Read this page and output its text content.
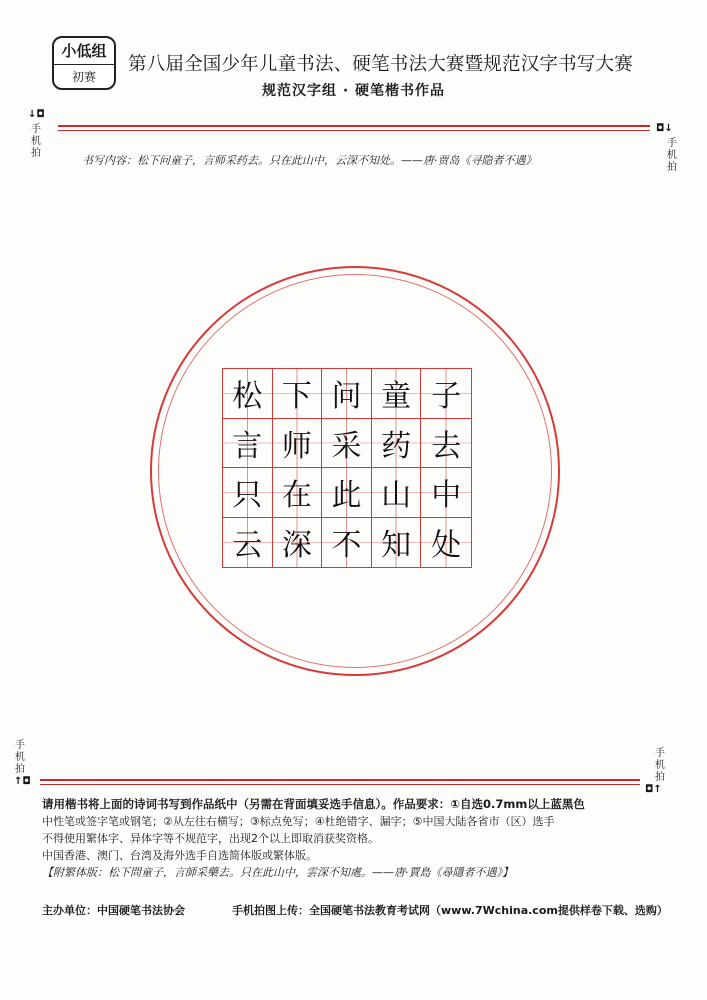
小低组
初赛
第八届全国少年儿童书法、硬笔书法大赛暨规范汉字书写大赛
规范汉字组 · 硬笔楷书作品
↓◘
手机拍
◘↓
手机拍
书写内容：松下问童子，言师采药去。只在此山中，云深不知处。——唐·贾岛《寻隐者不遇》
松 下 问 童 子
言 师 采 药 去
只 在 此 山 中
云 深 不 知 处
手机拍
↑◘
手机拍
◘↑

请用楷书将上面的诗词书写到作品纸中（另需在背面填妥选手信息）。作品要求：①自选0.7mm以上蓝黑色

中性笔或签字笔或钢笔；②从左往右横写；③标点免写；④杜绝错字、漏字；⑤中国大陆各省市（区）选手

不得使用繁体字、异体字等不规范字，出现2个以上即取消获奖资格。

中国香港、澳门、台湾及海外选手自选简体版或繁体版。

【附繁体版：松下問童子，言師采藥去。只在此山中，雲深不知處。——唐·賈島《尋隱者不遇》】

主办单位：中国硬笔书法协会	手机拍图上传：全国硬笔书法教育考试网（www.7Wchina.com提供样卷下载、选购）
